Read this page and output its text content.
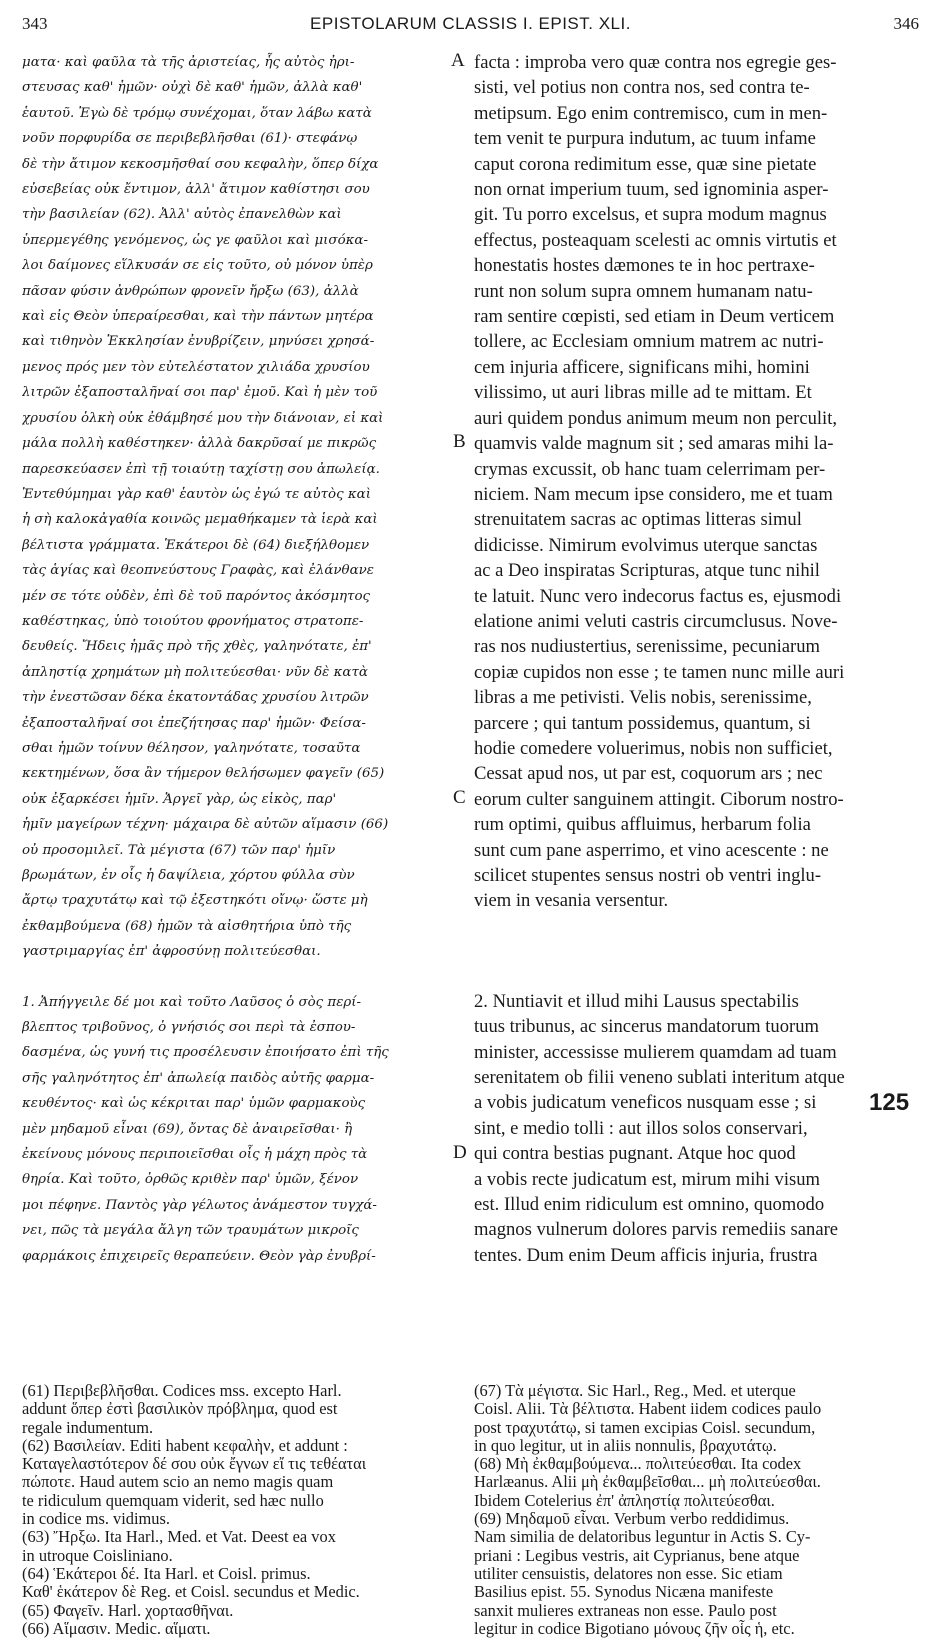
343	EPISTOLARUM CLASSIS I. EPIST. XLI.	346
ματα· καὶ φαῦλα τὰ τῆς ἀριστείας, ἧς αὐτὸς ἠρι-
στευσας καθ' ἡμῶν· οὐχὶ δὲ καθ' ἡμῶν, ἀλλὰ καθ'
ἑαυτοῦ. Ἐγὼ δὲ τρόμῳ συνέχομαι, ὅταν λάβω κατὰ
νοῦν πορφυρίδα σε περιβεβλῆσθαι (61)· στεφάνῳ
δὲ τὴν ἄτιμον κεκοσμῆσθαί σου κεφαλὴν, ὅπερ δίχα
εὐσεβείας οὐκ ἔντιμον, ἀλλ' ἄτιμον καθίστησι σου
τὴν βασιλείαν (62). Ἀλλ' αὐτὸς ἐπανελθὼν καὶ
ὑπερμεγέθης γενόμενος, ὡς γε φαῦλοι καὶ μισόκα-
λοι δαίμονες εἵλκυσάν σε εἰς τοῦτο, οὐ μόνον ὑπὲρ
πᾶσαν φύσιν ἀνθρώπων φρονεῖν ἤρξω (63), ἀλλὰ
καὶ εἰς Θεὸν ὑπεραίρεσθαι, καὶ τὴν πάντων μητέρα
καὶ τιθηνὸν Ἐκκλησίαν ἐνυβρίζειν, μηνύσει χρησά-
μενος πρός μεν τὸν εὐτελέστατον χιλιάδα χρυσίου
λιτρῶν ἐξαποσταλῆναί σοι παρ' ἐμοῦ. Καὶ ἡ μὲν τοῦ
χρυσίου ὁλκὴ οὐκ ἐθάμβησέ μου τὴν διάνοιαν, εἰ καὶ
μάλα πολλὴ καθέστηκεν· ἀλλὰ δακρῦσαί με πικρῶς
παρεσκεύασεν ἐπὶ τῇ τοιαύτῃ ταχίστῃ σου ἀπωλείᾳ.
Ἐντεθύμημαι γὰρ καθ' ἑαυτὸν ὡς ἐγώ τε αὐτὸς καὶ
ἡ σὴ καλοκἀγαθία κοινῶς μεμαθήκαμεν τὰ ἱερὰ καὶ
βέλτιστα γράμματα. Ἑκάτεροι δὲ (64) διεξήλθομεν
τὰς ἁγίας καὶ θεοπνεύστους Γραφὰς, καὶ ἐλάνθανε
μέν σε τότε οὐδὲν, ἐπὶ δὲ τοῦ παρόντος ἀκόσμητος
καθέστηκας, ὑπὸ τοιούτου φρονήματος στρατοπε-
δευθείς. Ἤδεις ἡμᾶς πρὸ τῆς χθὲς, γαληνότατε, ἐπ'
ἀπληστίᾳ χρημάτων μὴ πολιτεύεσθαι· νῦν δὲ κατὰ
τὴν ἐνεστῶσαν δέκα ἑκατοντάδας χρυσίου λιτρῶν
ἐξαποσταλῆναί σοι ἐπεζήτησας παρ' ἡμῶν· Φείσα-
σθαι ἡμῶν τοίνυν θέλησον, γαληνότατε, τοσαῦτα
κεκτημένων, ὅσα ἂν τήμερον θελήσωμεν φαγεῖν (65)
οὐκ ἐξαρκέσει ἡμῖν. Ἀργεῖ γὰρ, ὡς εἰκὸς, παρ'
ἡμῖν μαγείρων τέχνη· μάχαιρα δὲ αὐτῶν αἵμασιν (66)
οὐ προσομιλεῖ. Τὰ μέγιστα (67) τῶν παρ' ἡμῖν
βρωμάτων, ἐν οἷς ἡ δαψίλεια, χόρτου φύλλα σὺν
ἄρτῳ τραχυτάτῳ καὶ τῷ ἐξεστηκότι οἴνῳ· ὥστε μὴ
ἐκθαμβούμενα (68) ἡμῶν τὰ αἰσθητήρια ὑπὸ τῆς
γαστριμαργίας ἐπ' ἀφροσύνῃ πολιτεύεσθαι.

1. Ἀπήγγειλε δέ μοι καὶ τοῦτο Λαῦσος ὁ σὸς περί-
βλεπτος τριβοῦνος, ὁ γνήσιός σοι περὶ τὰ ἐσπου-
δασμένα, ὡς γυνή τις προσέλευσιν ἐποιήσατο ἐπὶ τῆς
σῆς γαληνότητος ἐπ' ἀπωλείᾳ παιδὸς αὐτῆς φαρμα-
κευθέντος· καὶ ὡς κέκριται παρ' ὑμῶν φαρμακοὺς
μὲν μηδαμοῦ εἶναι (69), ὄντας δὲ ἀναιρεῖσθαι· ἢ
ἐκείνους μόνους περιποιεῖσθαι οἷς ἡ μάχη πρὸς τὰ
θηρία. Καὶ τοῦτο, ὀρθῶς κριθὲν παρ' ὑμῶν, ξένον
μοι πέφηνε. Παντὸς γὰρ γέλωτος ἀνάμεστον τυγχά-
νει, πῶς τὰ μεγάλα ἄλγη τῶν τραυμάτων μικροῖς
φαρμάκοις ἐπιχειρεῖς θεραπεύειν. Θεὸν γὰρ ἐνυβρί-
facta : improba vero quæ contra nos egregie ges-
sisti, vel potius non contra nos, sed contra te-
metipsum. Ego enim contremisco, cum in men-
tem venit te purpura indutum, ac tuum infame
caput corona redimitum esse, quæ sine pietate
non ornat imperium tuum, sed ignominia asper-
git. Tu porro excelsus, et supra modum magnus
effectus, posteaquam scelesti ac omnis virtutis et
honestatis hostes dæmones te in hoc pertraxe-
runt non solum supra omnem humanam natu-
ram sentire cœpisti, sed etiam in Deum verticem
tollere, ac Ecclesiam omnium matrem ac nutri-
cem injuria afficere, significans mihi, homini
vilissimo, ut auri libras mille ad te mittam. Et
auri quidem pondus animum meum non perculit,
quamvis valde magnum sit ; sed amaras mihi la-
crymas excussit, ob hanc tuam celerrimam per-
niciem. Nam mecum ipse considero, me et tuam
strenuitatem sacras ac optimas litteras simul
didicisse. Nimirum evolvimus uterque sanctas
ac a Deo inspiratas Scripturas, atque tunc nihil
te latuit. Nunc vero indecorus factus es, ejusmodi
elatione animi veluti castris circumclusus. Nove-
ras nos nudiustertius, serenissime, pecuniarum
copiæ cupidos non esse ; te tamen nunc mille auri
libras a me petivisti. Velis nobis, serenissime,
parcere ; qui tantum possidemus, quantum, si
hodie comedere voluerimus, nobis non sufficiet,
Cessat apud nos, ut par est, coquorum ars ; nec
eorum culter sanguinem attingit. Ciborum nostro-
rum optimi, quibus affluimus, herbarum folia
sunt cum pane asperrimo, et vino acescente : ne
scilicet stupentes sensus nostri ob ventri inglu-
viem in vesania versentur.

2. Nuntiavit et illud mihi Lausus spectabilis
tuus tribunus, ac sincerus mandatorum tuorum
minister, accessisse mulierem quamdam ad tuam
serenitatem ob filii veneno sublati interitum atque
a vobis judicatum veneficos nusquam esse ; si
sint, e medio tolli : aut illos solos conservari,
qui contra bestias pugnant. Atque hoc quod
a vobis recte judicatum est, mirum mihi visum
est. Illud enim ridiculum est omnino, quomodo
magnos vulnerum dolores parvis remediis sanare
tentes. Dum enim Deum afficis injuria, frustra
A
B
C
D
125
(61) Περιβεβλῆσθαι. Codices mss. excepto Harl.
addunt ὅπερ ἐστὶ βασιλικὸν πρόβλημα, quod est
regale indumentum.
(62) Βασιλείαν. Editi habent κεφαλὴν, et addunt :
Καταγελαστότερον δέ σου οὐκ ἔγνων εἴ τις τεθέαται
πώποτε. Haud autem scio an nemo magis quam
te ridiculum quemquam viderit, sed hæc nullo
in codice ms. vidimus.
(63) Ἤρξω. Ita Harl., Med. et Vat. Deest ea vox
in utroque Coisliniano.
(64) Ἑκάτεροι δέ. Ita Harl. et Coisl. primus.
Καθ' ἑκάτερον δὲ Reg. et Coisl. secundus et Medic.
(65) Φαγεῖν. Harl. χορτασθῆναι.
(66) Αἵμασιν. Medic. αἵματι.
(67) Τὰ μέγιστα. Sic Harl., Reg., Med. et uterque
Coisl. Alii. Τὰ βέλτιστα. Habent iidem codices paulo
post τραχυτάτῳ, si tamen excipias Coisl. secundum,
in quo legitur, ut in aliis nonnulis, βραχυτάτῳ.
(68) Μὴ ἐκθαμβούμενα... πολιτεύεσθαι. Ita codex
Harlæanus. Alii μὴ ἐκθαμβεῖσθαι... μὴ πολιτεύεσθαι.
Ibidem Cotelerius ἐπ' ἀπληστίᾳ πολιτεύεσθαι.
(69) Μηδαμοῦ εἶναι. Verbum verbo reddidimus.
Nam similia de delatoribus leguntur in Actis S. Cy-
priani : Legibus vestris, ait Cyprianus, bene atque
utiliter censuistis, delatores non esse. Sic etiam
Basilius epist. 55. Synodus Nicæna manifeste
sanxit mulieres extraneas non esse. Paulo post
legitur in codice Bigotiano μόνους ζῆν οἷς ἡ, etc.
